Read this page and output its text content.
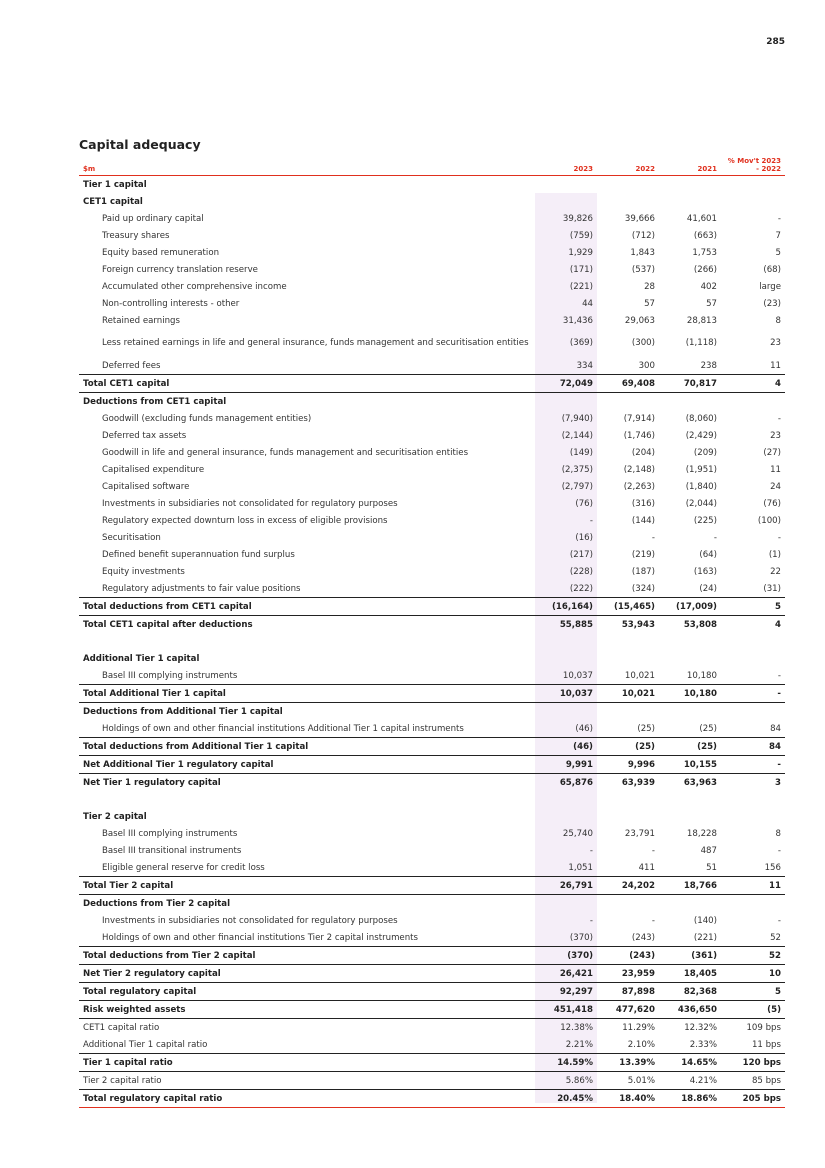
285
Capital adequacy
$m	2023	2022	2021	% Mov't 2023 - 2022
Tier 1 capital				
CET1 capital				
Paid up ordinary capital	39,826	39,666	41,601	-
Treasury shares	(759)	(712)	(663)	7
Equity based remuneration	1,929	1,843	1,753	5
Foreign currency translation reserve	(171)	(537)	(266)	(68)
Accumulated other comprehensive income	(221)	28	402	large
Non-controlling interests - other	44	57	57	(23)
Retained earnings	31,436	29,063	28,813	8
Less retained earnings in life and general insurance, funds management and securitisation entities	(369)	(300)	(1,118)	23
Deferred fees	334	300	238	11
Total CET1 capital	72,049	69,408	70,817	4
Deductions from CET1 capital				
Goodwill (excluding funds management entities)	(7,940)	(7,914)	(8,060)	-
Deferred tax assets	(2,144)	(1,746)	(2,429)	23
Goodwill in life and general insurance, funds management and securitisation entities	(149)	(204)	(209)	(27)
Capitalised expenditure	(2,375)	(2,148)	(1,951)	11
Capitalised software	(2,797)	(2,263)	(1,840)	24
Investments in subsidiaries not consolidated for regulatory purposes	(76)	(316)	(2,044)	(76)
Regulatory expected downturn loss in excess of eligible provisions	-	(144)	(225)	(100)
Securitisation	(16)	-	-	-
Defined benefit superannuation fund surplus	(217)	(219)	(64)	(1)
Equity investments	(228)	(187)	(163)	22
Regulatory adjustments to fair value positions	(222)	(324)	(24)	(31)
Total deductions from CET1 capital	(16,164)	(15,465)	(17,009)	5
Total CET1 capital after deductions	55,885	53,943	53,808	4

Additional Tier 1 capital				
Basel III complying instruments	10,037	10,021	10,180	-
Total Additional Tier 1 capital	10,037	10,021	10,180	-
Deductions from Additional Tier 1 capital				
Holdings of own and other financial institutions Additional Tier 1 capital instruments	(46)	(25)	(25)	84
Total deductions from Additional Tier 1 capital	(46)	(25)	(25)	84
Net Additional Tier 1 regulatory capital	9,991	9,996	10,155	-
Net Tier 1 regulatory capital	65,876	63,939	63,963	3

Tier 2 capital				
Basel III complying instruments	25,740	23,791	18,228	8
Basel III transitional instruments	-	-	487	-
Eligible general reserve for credit loss	1,051	411	51	156
Total Tier 2 capital	26,791	24,202	18,766	11
Deductions from Tier 2 capital				
Investments in subsidiaries not consolidated for regulatory purposes	-	-	(140)	-
Holdings of own and other financial institutions Tier 2 capital instruments	(370)	(243)	(221)	52
Total deductions from Tier 2 capital	(370)	(243)	(361)	52
Net Tier 2 regulatory capital	26,421	23,959	18,405	10
Total regulatory capital	92,297	87,898	82,368	5
Risk weighted assets	451,418	477,620	436,650	(5)
CET1 capital ratio	12.38%	11.29%	12.32%	109 bps
Additional Tier 1 capital ratio	2.21%	2.10%	2.33%	11 bps
Tier 1 capital ratio	14.59%	13.39%	14.65%	120 bps
Tier 2 capital ratio	5.86%	5.01%	4.21%	85 bps
Total regulatory capital ratio	20.45%	18.40%	18.86%	205 bps
